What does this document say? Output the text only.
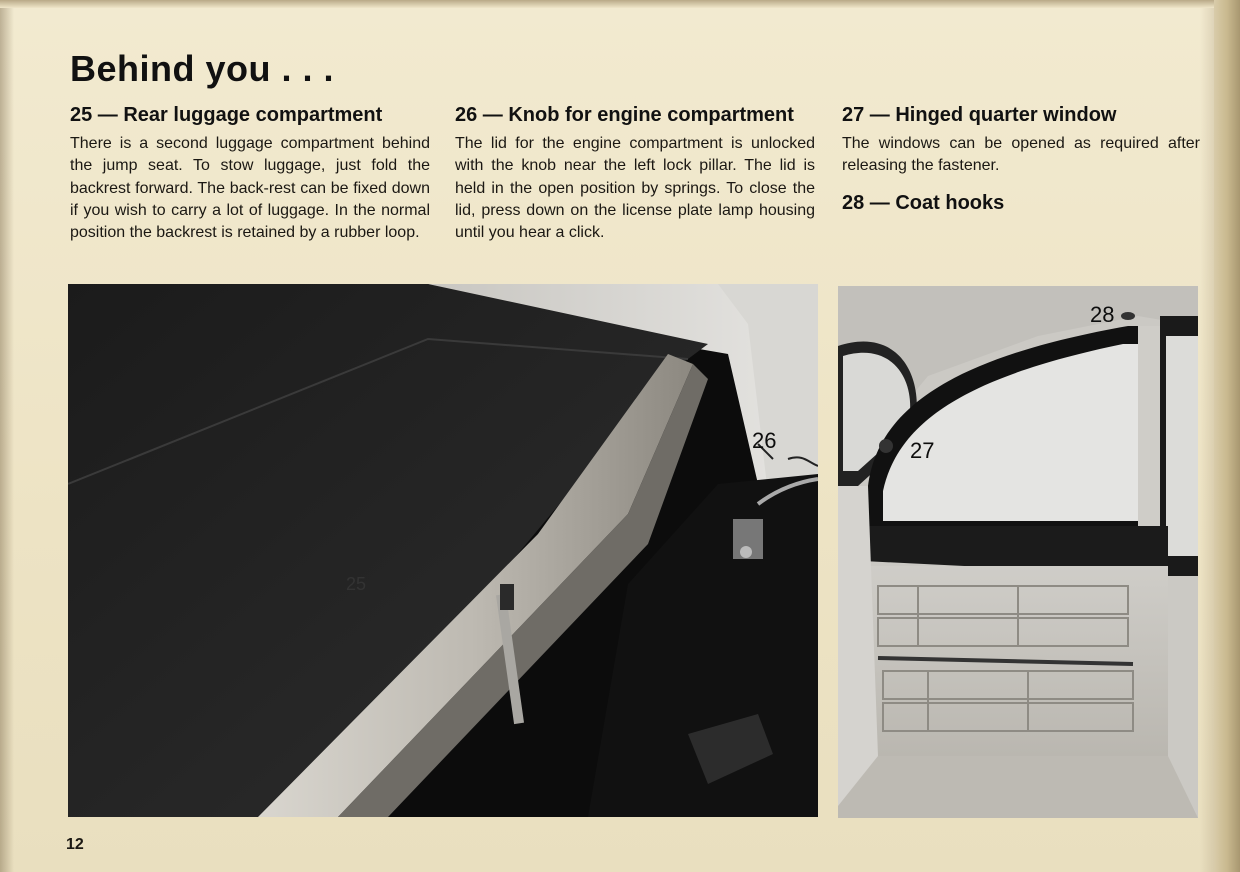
Behind you . . .
25 — Rear luggage compartment

There is a second luggage compartment behind the jump seat. To stow luggage, just fold the backrest forward. The back-rest can be fixed down if you wish to carry a lot of luggage. In the normal position the backrest is retained by a rubber loop.

26 — Knob for engine compartment

The lid for the engine compartment is unlocked with the knob near the left lock pillar. The lid is held in the open position by springs. To close the lid, press down on the license plate lamp housing until you hear a click.

27 — Hinged quarter window

The windows can be opened as required after releasing the fastener.

28 — Coat hooks
25
26	27
28
12
